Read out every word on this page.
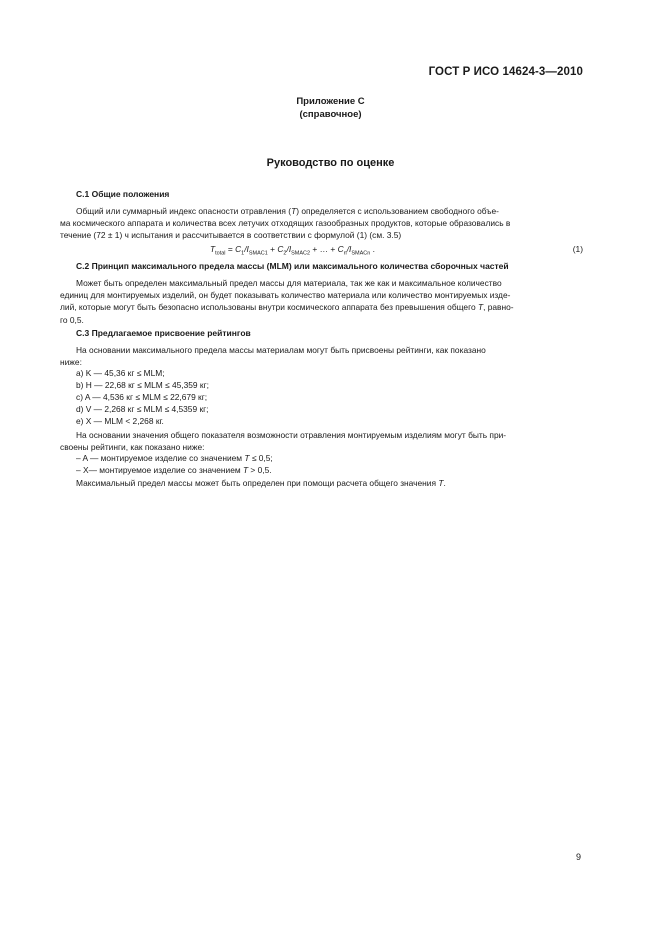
ГОСТ Р ИСО 14624-3—2010
Приложение С
(справочное)
Руководство по оценке
С.1 Общие положения
Общий или суммарный индекс опасности отравления (T) определяется с использованием свободного объе-
ма космического аппарата и количества всех летучих отходящих газообразных продуктов, которые образовались в
течение (72 ± 1) ч испытания и рассчитывается в соответствии с формулой (1) (см. 3.5)
$T_{total} = C_1/I_{SMAC1} + C_2/I_{SMAC2}$ + … + $C_n/I_{SMACn}$ .	(1)
С.2 Принцип максимального предела массы (MLM) или максимального количества сборочных частей
Может быть определен максимальный предел массы для материала, так же как и максимальное количество
единиц для монтируемых изделий, он будет показывать количество материала или количество монтируемых изде-
лий, которые могут быть безопасно использованы внутри космического аппарата без превышения общего T, равно-
го 0,5.
С.3 Предлагаемое присвоение рейтингов
На основании максимального предела массы материалам могут быть присвоены рейтинги, как показано
ниже:
a) K — 45,36 кг ≤ MLM;
b) H — 22,68 кг ≤ MLM ≤ 45,359 кг;
c) A — 4,536 кг ≤ MLM ≤ 22,679 кг;
d) V — 2,268 кг ≤ MLM ≤ 4,5359 кг;
e) X — MLM < 2,268 кг.
На основании значения общего показателя возможности отравления монтируемым изделиям могут быть при-
своены рейтинги, как показано ниже:
– A — монтируемое изделие со значением T ≤ 0,5;
– X— монтируемое изделие со значением T > 0,5.
Максимальный предел массы может быть определен при помощи расчета общего значения T.
9
